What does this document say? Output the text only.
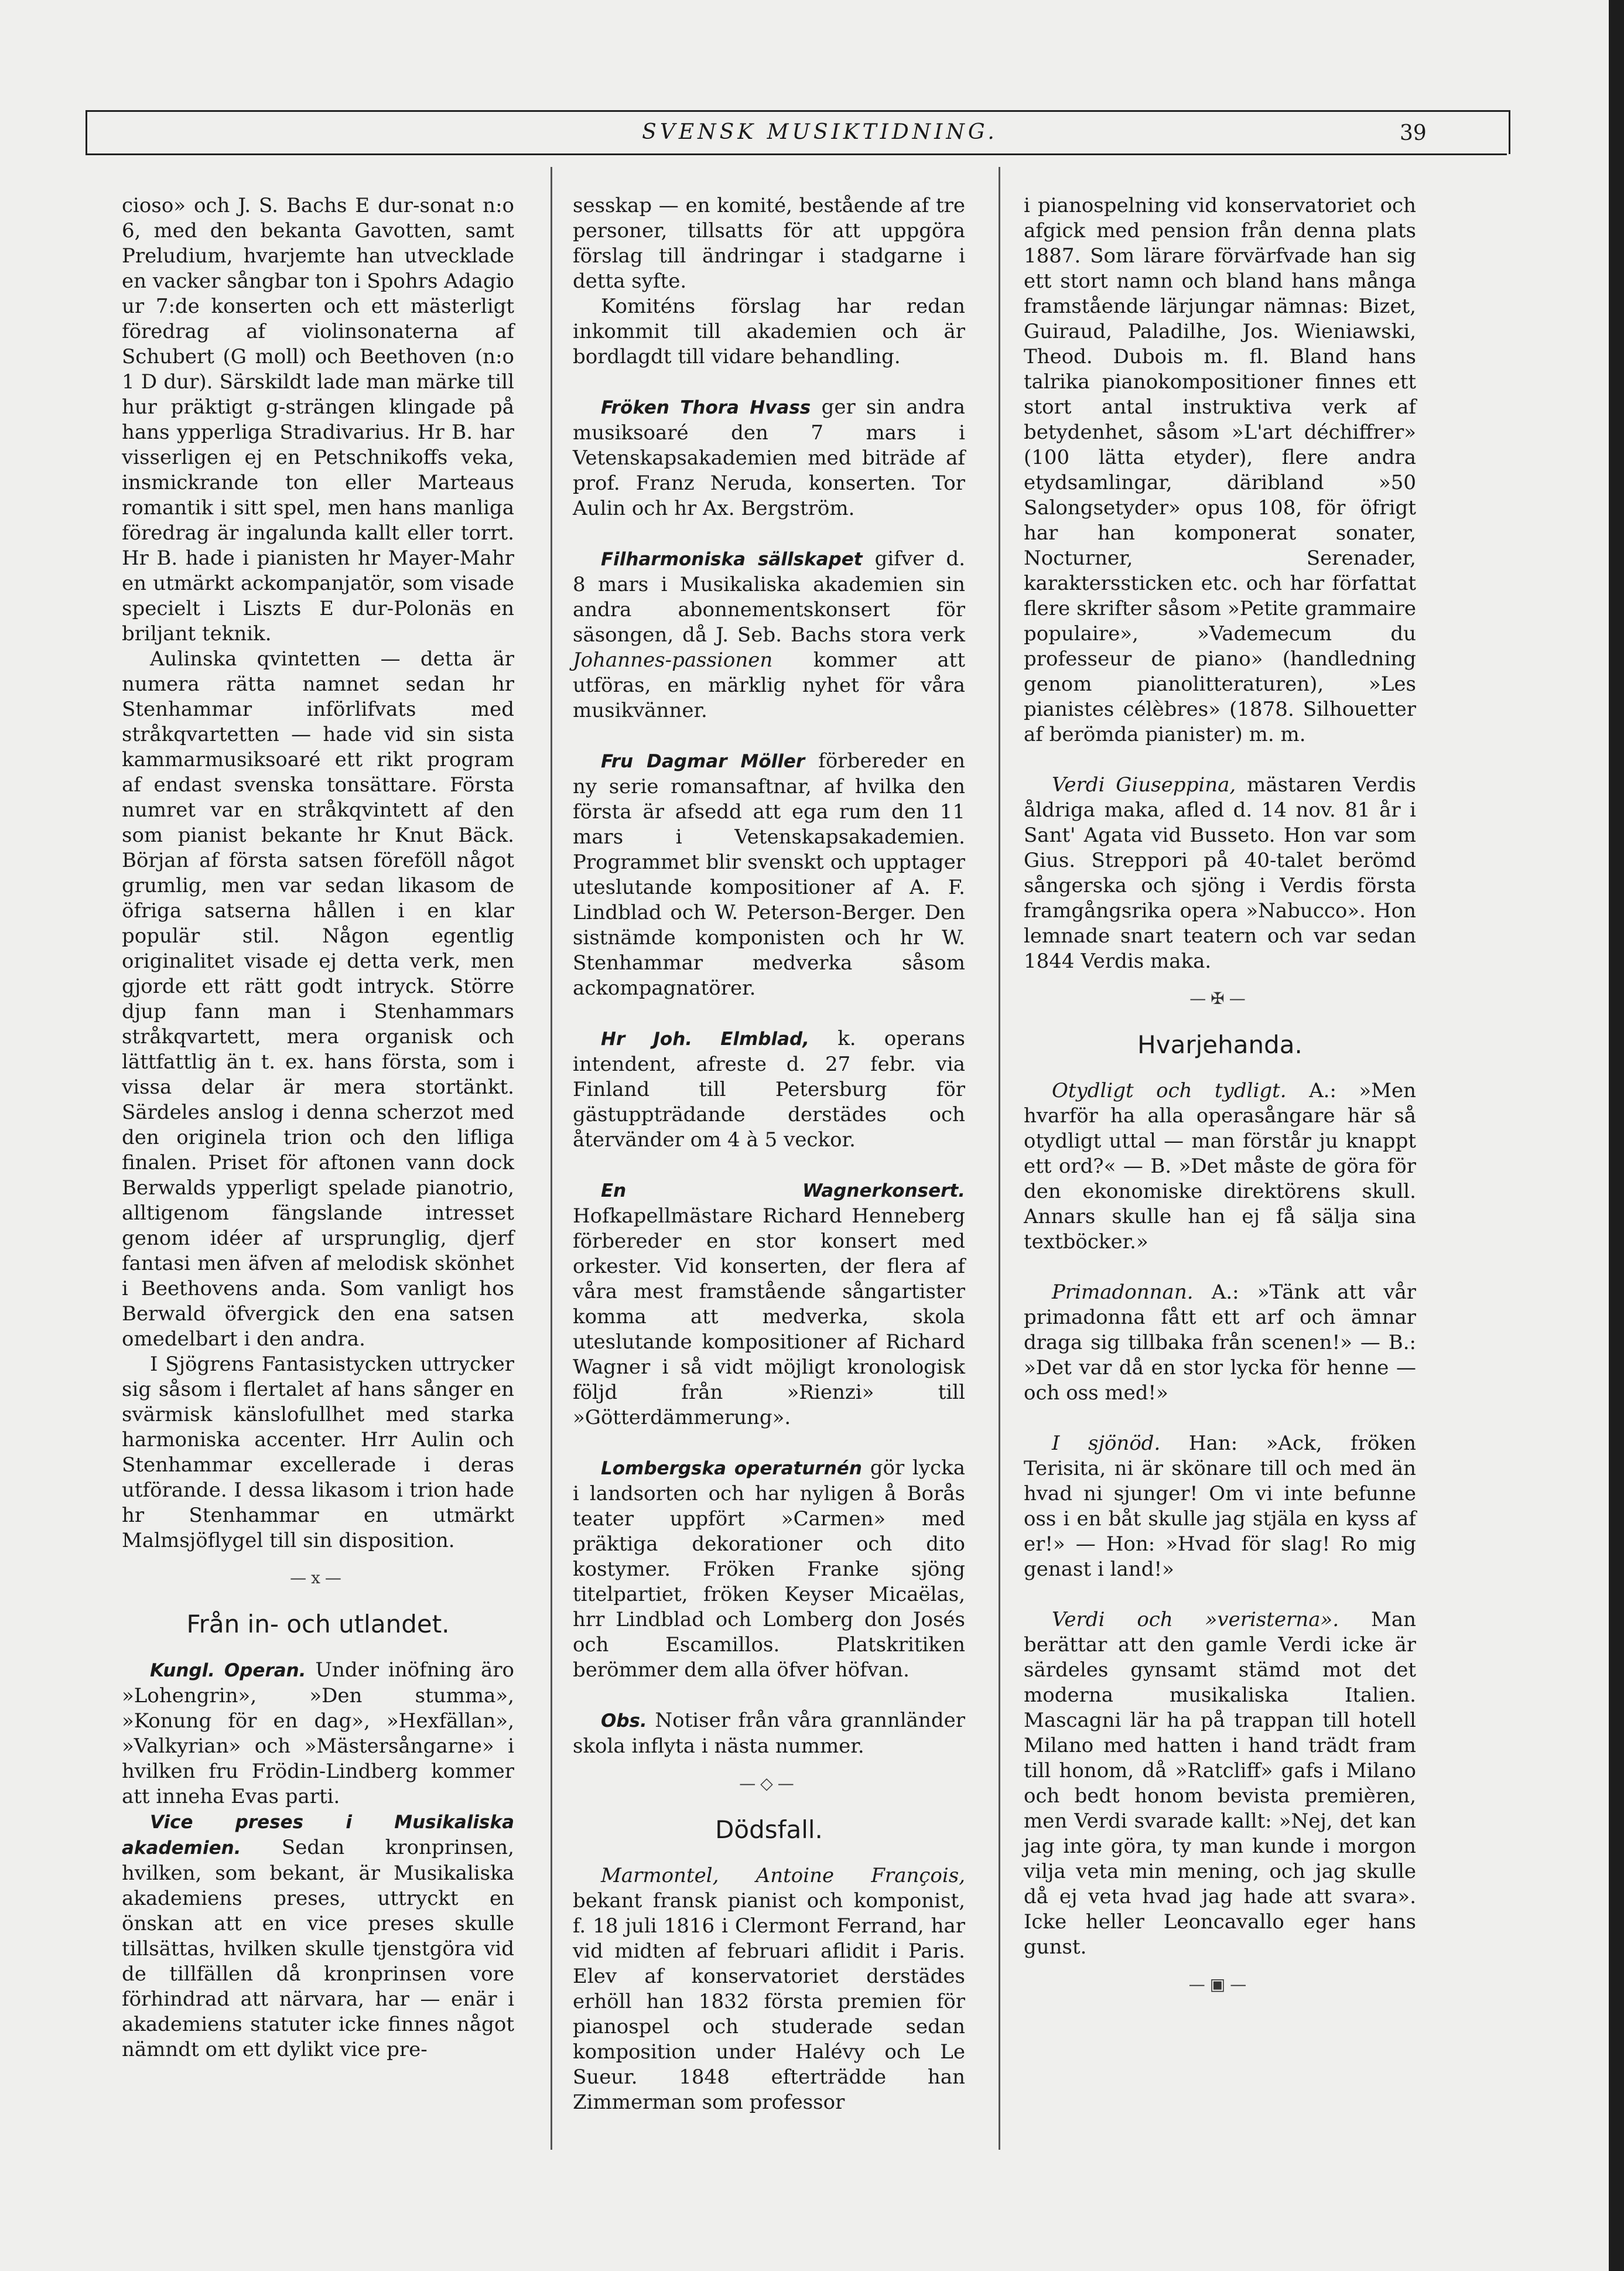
SVENSK MUSIKTIDNING.	39

cioso» och J. S. Bachs E dur-sonat n:o 6, med den bekanta Gavotten, samt Preludium, hvarjemte han utvecklade en vacker sångbar ton i Spohrs Adagio ur 7:de konserten och ett mästerligt föredrag af violinsonaterna af Schubert (G moll) och Beethoven (n:o 1 D dur). Särskildt lade man märke till hur präktigt g-strängen klingade på hans ypperliga Stradivarius. Hr B. har visserligen ej en Petschnikoffs veka, insmickrande ton eller Marteaus romantik i sitt spel, men hans manliga föredrag är ingalunda kallt eller torrt. Hr B. hade i pianisten hr Mayer-Mahr en utmärkt ackompanjatör, som visade specielt i Liszts E dur-Polonäs en briljant teknik.

Aulinska qvintetten — detta är numera rätta namnet sedan hr Stenhammar införlifvats med stråkqvartetten — hade vid sin sista kammarmusiksoaré ett rikt program af endast svenska tonsättare. Första numret var en stråkqvintett af den som pianist bekante hr Knut Bäck. Början af första satsen föreföll något grumlig, men var sedan likasom de öfriga satserna hållen i en klar populär stil. Någon egentlig originalitet visade ej detta verk, men gjorde ett rätt godt intryck. Större djup fann man i Stenhammars stråkqvartett, mera organisk och lättfattlig än t. ex. hans första, som i vissa delar är mera stortänkt. Särdeles anslog i denna scherzot med den originela trion och den lifliga finalen. Priset för aftonen vann dock Berwalds ypperligt spelade pianotrio, alltigenom fängslande intresset genom idéer af ursprunglig, djerf fantasi men äfven af melodisk skönhet i Beethovens anda. Som vanligt hos Berwald öfvergick den ena satsen omedelbart i den andra.

I Sjögrens Fantasistycken uttrycker sig såsom i flertalet af hans sånger en svärmisk känslofullhet med starka harmoniska accenter. Hrr Aulin och Stenhammar excellerade i deras utförande. I dessa likasom i trion hade hr Stenhammar en utmärkt Malmsjöflygel till sin disposition.

—x—
Från in- och utlandet.

Kungl. Operan. Under inöfning äro »Lohengrin», »Den stumma», »Konung för en dag», »Hexfällan», »Valkyrian» och »Mästersångarne» i hvilken fru Frödin-Lindberg kommer att inneha Evas parti.

Vice preses i Musikaliska akademien. Sedan kronprinsen, hvilken, som bekant, är Musikaliska akademiens preses, uttryckt en önskan att en vice preses skulle tillsättas, hvilken skulle tjenstgöra vid de tillfällen då kronprinsen vore förhindrad att närvara, har — enär i akademiens statuter icke finnes något nämndt om ett dylikt vice pre-

sesskap — en komité, bestående af tre personer, tillsatts för att uppgöra förslag till ändringar i stadgarne i detta syfte.

Komiténs förslag har redan inkommit till akademien och är bordlagdt till vidare behandling.

Fröken Thora Hvass ger sin andra musiksoaré den 7 mars i Vetenskapsakademien med biträde af prof. Franz Neruda, konserten. Tor Aulin och hr Ax. Bergström.

Filharmoniska sällskapet gifver d. 8 mars i Musikaliska akademien sin andra abonnementskonsert för säsongen, då J. Seb. Bachs stora verk Johannes-passionen kommer att utföras, en märklig nyhet för våra musikvänner.

Fru Dagmar Möller förbereder en ny serie romansaftnar, af hvilka den första är afsedd att ega rum den 11 mars i Vetenskapsakademien. Programmet blir svenskt och upptager uteslutande kompositioner af A. F. Lindblad och W. Peterson-Berger. Den sistnämde komponisten och hr W. Stenhammar medverka såsom ackompagnatörer.

Hr Joh. Elmblad, k. operans intendent, afreste d. 27 febr. via Finland till Petersburg för gästuppträdande derstädes och återvänder om 4 à 5 veckor.

En Wagnerkonsert. Hofkapellmästare Richard Henneberg förbereder en stor konsert med orkester. Vid konserten, der flera af våra mest framstående sångartister komma att medverka, skola uteslutande kompositioner af Richard Wagner i så vidt möjligt kronologisk följd från »Rienzi» till »Götterdämmerung».

Lombergska operaturnén gör lycka i landsorten och har nyligen å Borås teater uppfört »Carmen» med präktiga dekorationer och dito kostymer. Fröken Franke sjöng titelpartiet, fröken Keyser Micaëlas, hrr Lindblad och Lomberg don Josés och Escamillos. Platskritiken berömmer dem alla öfver höfvan.

Obs. Notiser från våra grannländer skola inflyta i nästa nummer.

—◇—
Dödsfall.

Marmontel, Antoine François, bekant fransk pianist och komponist, f. 18 juli 1816 i Clermont Ferrand, har vid midten af februari aflidit i Paris. Elev af konservatoriet derstädes erhöll han 1832 första premien för pianospel och studerade sedan komposition under Halévy och Le Sueur. 1848 efterträdde han Zimmerman som professor

i pianospelning vid konservatoriet och afgick med pension från denna plats 1887. Som lärare förvärfvade han sig ett stort namn och bland hans många framstående lärjungar nämnas: Bizet, Guiraud, Paladilhe, Jos. Wieniawski, Theod. Dubois m. fl. Bland hans talrika pianokompositioner finnes ett stort antal instruktiva verk af betydenhet, såsom »L'art déchiffrer» (100 lätta etyder), flere andra etydsamlingar, däribland »50 Salongsetyder» opus 108, för öfrigt har han komponerat sonater, Nocturner, Serenader, karakterssticken etc. och har författat flere skrifter såsom »Petite grammaire populaire», »Vademecum du professeur de piano» (handledning genom pianolitteraturen), »Les pianistes célèbres» (1878. Silhouetter af berömda pianister) m. m.

Verdi Giuseppina, mästaren Verdis åldriga maka, afled d. 14 nov. 81 år i Sant' Agata vid Busseto. Hon var som Gius. Streppori på 40-talet berömd sångerska och sjöng i Verdis första framgångsrika opera »Nabucco». Hon lemnade snart teatern och var sedan 1844 Verdis maka.

—✠—
Hvarjehanda.

Otydligt och tydligt. A.: »Men hvarför ha alla operasångare här så otydligt uttal — man förstår ju knappt ett ord?« — B. »Det måste de göra för den ekonomiske direktörens skull. Annars skulle han ej få sälja sina textböcker.»

Primadonnan. A.: »Tänk att vår primadonna fått ett arf och ämnar draga sig tillbaka från scenen!» — B.: »Det var då en stor lycka för henne — och oss med!»

I sjönöd. Han: »Ack, fröken Terisita, ni är skönare till och med än hvad ni sjunger! Om vi inte befunne oss i en båt skulle jag stjäla en kyss af er!» — Hon: »Hvad för slag! Ro mig genast i land!»

Verdi och »veristerna». Man berättar att den gamle Verdi icke är särdeles gynsamt stämd mot det moderna musikaliska Italien. Mascagni lär ha på trappan till hotell Milano med hatten i hand trädt fram till honom, då »Ratcliff» gafs i Milano och bedt honom bevista premièren, men Verdi svarade kallt: »Nej, det kan jag inte göra, ty man kunde i morgon vilja veta min mening, och jag skulle då ej veta hvad jag hade att svara». Icke heller Leoncavallo eger hans gunst.

—▣—
